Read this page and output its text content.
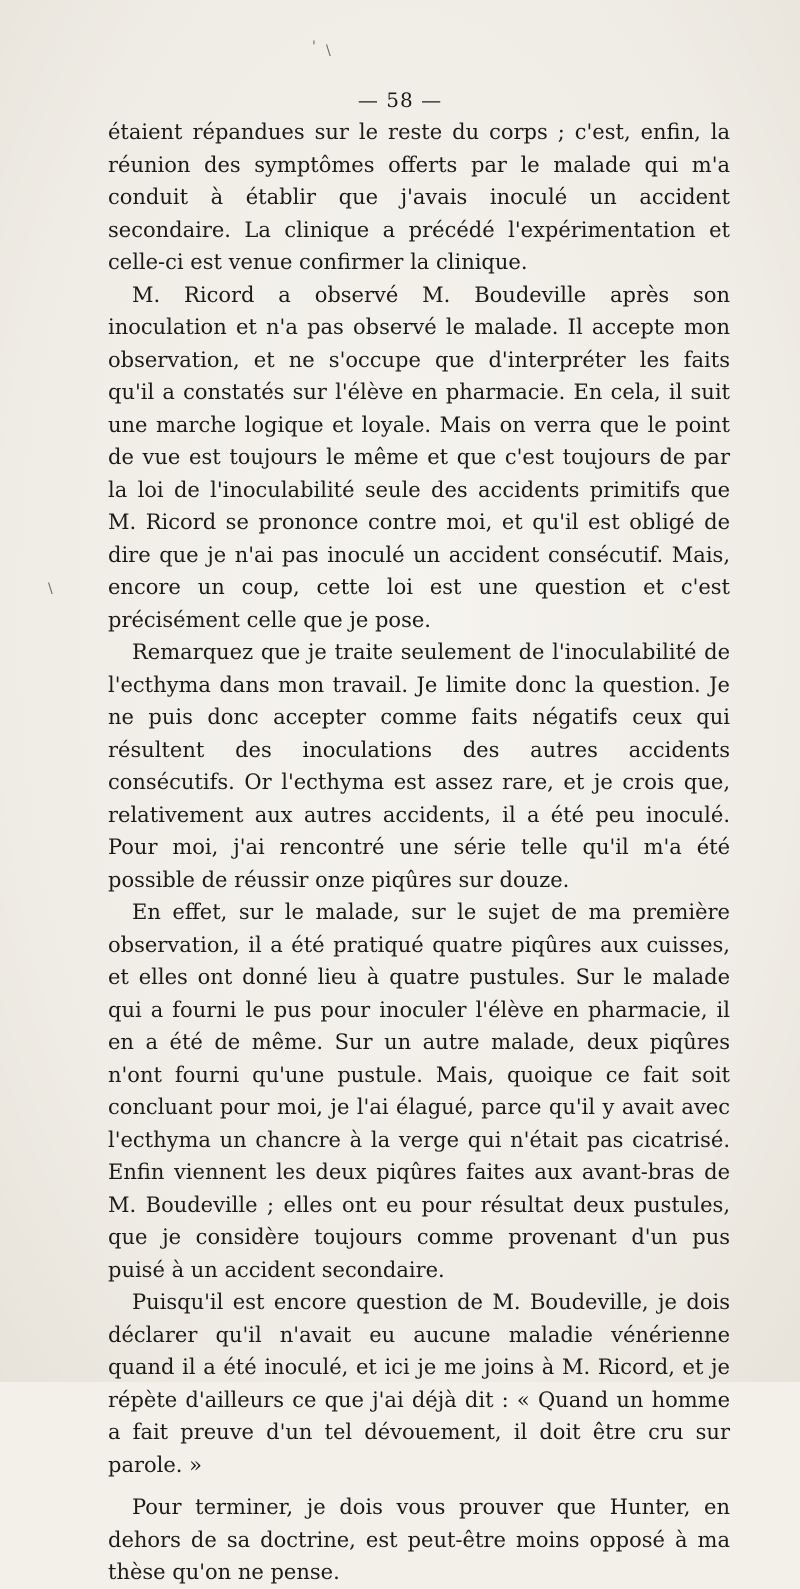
' \
\
— 58 —

étaient répandues sur le reste du corps ; c'est, enfin, la réunion des symptômes offerts par le malade qui m'a conduit à établir que j'avais inoculé un accident secondaire. La clinique a précédé l'expérimentation et celle-ci est venue confirmer la clinique.

M. Ricord a observé M. Boudeville après son inoculation et n'a pas observé le malade. Il accepte mon observation, et ne s'occupe que d'interpréter les faits qu'il a constatés sur l'élève en pharmacie. En cela, il suit une marche logique et loyale. Mais on verra que le point de vue est toujours le même et que c'est toujours de par la loi de l'inoculabilité seule des accidents primitifs que M. Ricord se prononce contre moi, et qu'il est obligé de dire que je n'ai pas inoculé un accident consécutif. Mais, encore un coup, cette loi est une question et c'est précisément celle que je pose.

Remarquez que je traite seulement de l'inoculabilité de l'ecthyma dans mon travail. Je limite donc la question. Je ne puis donc accepter comme faits négatifs ceux qui résultent des inoculations des autres accidents consécutifs. Or l'ecthyma est assez rare, et je crois que, relativement aux autres accidents, il a été peu inoculé. Pour moi, j'ai rencontré une série telle qu'il m'a été possible de réussir onze piqûres sur douze.

En effet, sur le malade, sur le sujet de ma première observation, il a été pratiqué quatre piqûres aux cuisses, et elles ont donné lieu à quatre pustules. Sur le malade qui a fourni le pus pour inoculer l'élève en pharmacie, il en a été de même. Sur un autre malade, deux piqûres n'ont fourni qu'une pustule. Mais, quoique ce fait soit concluant pour moi, je l'ai élagué, parce qu'il y avait avec l'ecthyma un chancre à la verge qui n'était pas cicatrisé. Enfin viennent les deux piqûres faites aux avant-bras de M. Boudeville ; elles ont eu pour résultat deux pustules, que je considère toujours comme provenant d'un pus puisé à un accident secondaire.

Puisqu'il est encore question de M. Boudeville, je dois déclarer qu'il n'avait eu aucune maladie vénérienne quand il a été inoculé, et ici je me joins à M. Ricord, et je répète d'ailleurs ce que j'ai déjà dit : « Quand un homme a fait preuve d'un tel dévouement, il doit être cru sur parole. »

Pour terminer, je dois vous prouver que Hunter, en dehors de sa doctrine, est peut-être moins opposé à ma thèse qu'on ne pense.
